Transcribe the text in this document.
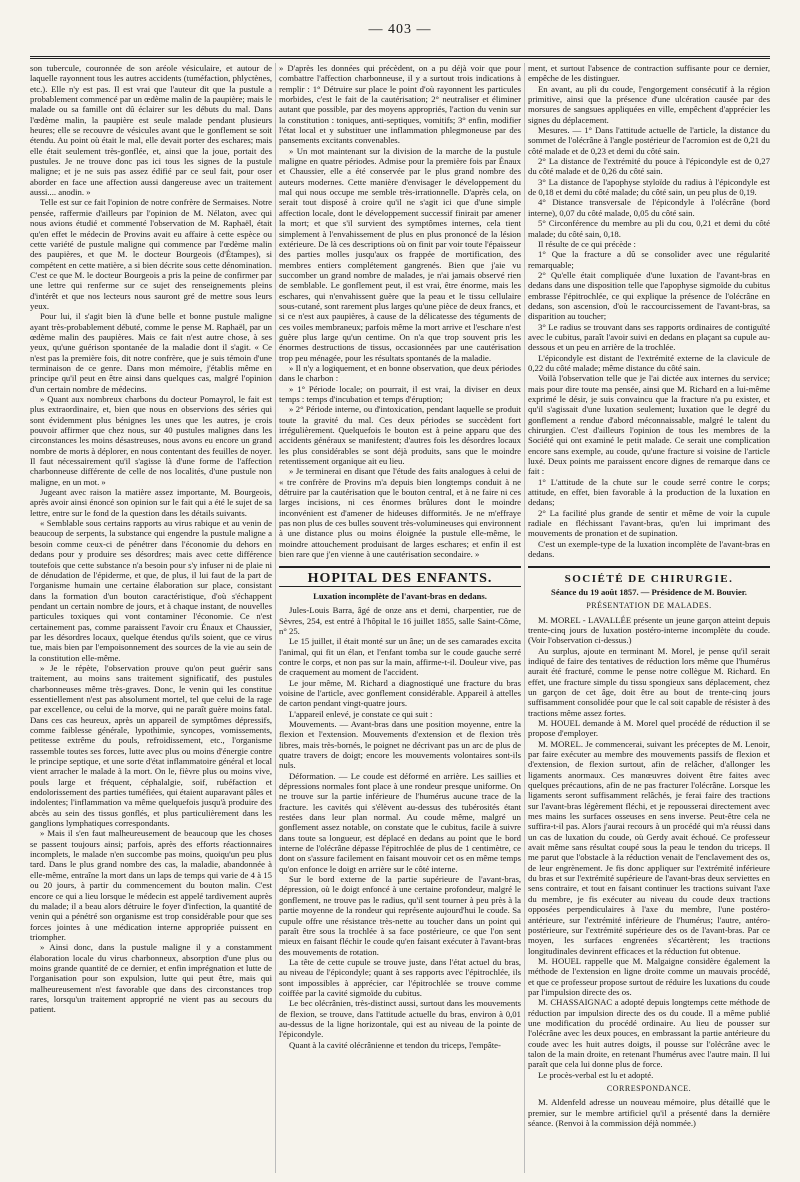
— 403 —

son tubercule, couronnée de son aréole vésiculaire, et autour de laquelle rayonnent tous les autres accidents (tuméfaction, phlyctènes, etc.). Elle n'y est pas. Il est vrai que l'auteur dit que la pustule a probablement commencé par un œdème malin de la paupière; mais le malade ou sa famille ont dû éclairer sur les débuts du mal. Dans l'œdème malin, la paupière est seule malade pendant plusieurs heures; elle se recouvre de vésicules avant que le gonflement se soit étendu. Au point où était le mal, elle devait porter des eschares; mais elle était seulement très-gonflée, et, ainsi que la joue, portait des pustules. Je ne trouve donc pas ici tous les signes de la pustule maligne; et je ne suis pas assez édifié par ce seul fait, pour oser aborder en face une affection aussi dangereuse avec un traitement aussi.... anodin. »

Telle est sur ce fait l'opinion de notre confrère de Sermaises. Notre pensée, raffermie d'ailleurs par l'opinion de M. Nélaton, avec qui nous avions étudié et commenté l'observation de M. Raphaël, était qu'en effet le médecin de Provins avait eu affaire à cette espèce ou cette variété de pustule maligne qui commence par l'œdème malin des paupières, et que M. le docteur Bourgeois (d'Étampes), si compétent en cette matière, a si bien décrite sous cette dénomination. C'est ce que M. le docteur Bourgeois a pris la peine de confirmer par une lettre qui renferme sur ce sujet des renseignements pleins d'intérêt et que nos lecteurs nous sauront gré de mettre sous leurs yeux.

Pour lui, il s'agit bien là d'une belle et bonne pustule maligne ayant très-probablement débuté, comme le pense M. Raphaël, par un œdème malin des paupières. Mais ce fait n'est autre chose, à ses yeux, qu'une guérison spontanée de la maladie dont il s'agit. « Ce n'est pas la première fois, dit notre confrère, que je suis témoin d'une terminaison de ce genre. Dans mon mémoire, j'établis même en principe qu'il peut en être ainsi dans quelques cas, malgré l'opinion d'un certain nombre de médecins.

» Quant aux nombreux charbons du docteur Pomayrol, le fait est plus extraordinaire, et, bien que nous en observions des séries qui sont évidemment plus bénignes les unes que les autres, je crois pouvoir affirmer que chez nous, sur 40 pustules malignes dans les circonstances les moins désastreuses, nous avons eu encore un grand nombre de morts à déplorer, en nous contentant des feuilles de noyer. Il faut nécessairement qu'il s'agisse là d'une forme de l'affection charbonneuse différente de celle de nos localités, d'une pustule non maligne, en un mot. »

Jugeant avec raison la matière assez importante, M. Bourgeois, après avoir ainsi énoncé son opinion sur le fait qui a été le sujet de sa lettre, entre sur le fond de la question dans les détails suivants.

« Semblable sous certains rapports au virus rabique et au venin de beaucoup de serpents, la substance qui engendre la pustule maligne a besoin comme ceux-ci de pénétrer dans l'économie du dehors en dedans pour y produire ses désordres; mais avec cette différence toutefois que cette substance n'a besoin pour s'y infuser ni de plaie ni de dénudation de l'épiderme, et que, de plus, il lui faut de la part de l'organisme humain une certaine élaboration sur place, consistant dans la formation d'un bouton caractéristique, d'où s'échappent pendant un certain nombre de jours, et à chaque instant, de nouvelles particules toxiques qui vont contaminer l'économie. Ce n'est certainement pas, comme paraissent l'avoir cru Énaux et Chaussier, par les désordres locaux, quelque étendus qu'ils soient, que ce virus tue, mais bien par l'empoisonnement des sources de la vie au sein de la constitution elle-même.

» Je le répète, l'observation prouve qu'on peut guérir sans traitement, au moins sans traitement significatif, des pustules charbonneuses même très-graves. Donc, le venin qui les constitue essentiellement n'est pas absolument mortel, tel que celui de la rage par excellence, ou celui de la morve, qui ne paraît guère moins fatal. Dans ces cas heureux, après un appareil de symptômes dépressifs, comme faiblesse générale, lypothimie, syncopes, vomissements, petitesse extrême du pouls, refroidissement, etc., l'organisme rassemble toutes ses forces, lutte avec plus ou moins d'énergie contre le principe septique, et une sorte d'état inflammatoire général et local vient arracher le malade à la mort. On le, fièvre plus ou moins vive, pouls large et fréquent, céphalalgie, soif, rubéfaction et endolorissement des parties tuméfiées, qui étaient auparavant pâles et indolentes; l'inflammation va même quelquefois jusqu'à produire des abcès au sein des tissus gonflés, et plus particulièrement dans les ganglions lymphatiques correspondants.

» Mais il s'en faut malheureusement de beaucoup que les choses se passent toujours ainsi; parfois, après des efforts réactionnaires incomplets, le malade n'en succombe pas moins, quoiqu'un peu plus tard. Dans le plus grand nombre des cas, la maladie, abandonnée à elle-même, entraîne la mort dans un laps de temps qui varie de 4 à 15 ou 20 jours, à partir du commencement du bouton malin. C'est encore ce qui a lieu lorsque le médecin est appelé tardivement auprès du malade; il a beau alors détruire le foyer d'infection, la quantité de venin qui a pénétré son organisme est trop considérable pour que ses forces jointes à une médication interne appropriée puissent en triompher.

» Ainsi donc, dans la pustule maligne il y a constamment élaboration locale du virus charbonneux, absorption d'une plus ou moins grande quantité de ce dernier, et enfin imprégnation et lutte de l'organisation pour son expulsion, lutte qui peut être, mais qui malheureusement n'est favorable que dans des circonstances trop rares, lorsqu'un traitement approprié ne vient pas au secours du patient.

» D'après les données qui précèdent, on a pu déjà voir que pour combattre l'affection charbonneuse, il y a surtout trois indications à remplir : 1° Détruire sur place le point d'où rayonnent les particules morbides, c'est le fait de la cautérisation; 2° neutraliser et éliminer autant que possible, par des moyens appropriés, l'action du venin sur la constitution : toniques, anti-septiques, vomitifs; 3° enfin, modifier l'état local et y substituer une inflammation phlegmoneuse par des pansements excitants convenables.

» Un mot maintenant sur la division de la marche de la pustule maligne en quatre périodes. Admise pour la première fois par Énaux et Chaussier, elle a été conservée par le plus grand nombre des auteurs modernes. Cette manière d'envisager le développement du mal qui nous occupe me semble très-irrationnelle. D'après cela, on serait tout disposé à croire qu'il ne s'agit ici que d'une simple affection locale, dont le développement successif finirait par amener la mort; et que s'il survient des symptômes internes, cela tient simplement à l'envahissement de plus en plus prononcé de la lésion extérieure. De là ces descriptions où on finit par voir toute l'épaisseur des parties molles jusqu'aux os frappée de mortification, des membres entiers complétement gangrenés. Bien que j'aie vu succomber un grand nombre de malades, je n'ai jamais observé rien de semblable. Le gonflement peut, il est vrai, être énorme, mais les eschares, qui n'envahissent guère que la peau et le tissu cellulaire sous-cutané, sont rarement plus larges qu'une pièce de deux francs, et si ce n'est aux paupières, à cause de la délicatesse des téguments de ces voiles membraneux; parfois même la mort arrive et l'eschare n'est guère plus large qu'un centime. On n'a que trop souvent pris les énormes destructions de tissus, occasionnées par une cautérisation trop peu ménagée, pour les résultats spontanés de la maladie.

» Il n'y a logiquement, et en bonne observation, que deux périodes dans le charbon :

» 1° Période locale; on pourrait, il est vrai, la diviser en deux temps : temps d'incubation et temps d'éruption;

» 2° Période interne, ou d'intoxication, pendant laquelle se produit toute la gravité du mal. Ces deux périodes se succèdent fort irrégulièrement. Quelquefois le bouton est à peine apparu que des accidents généraux se manifestent; d'autres fois les désordres locaux les plus considérables se sont déjà produits, sans que le moindre retentissement organique ait eu lieu.

» Je terminerai en disant que l'étude des faits analogues à celui de « tre confrère de Provins m'a depuis bien longtemps conduit à ne détruire par la cautérisation que le bouton central, et à ne faire ni ces larges incisions, ni ces énormes brûlures dont le moindre inconvénient est d'amener de hideuses difformités. Je ne m'effraye pas non plus de ces bulles souvent très-volumineuses qui environnent à une distance plus ou moins éloignée la pustule elle-même, le moindre attouchement produisant de larges eschares; et enfin il est bien rare que j'en vienne à une cautérisation secondaire. »

HOPITAL DES ENFANTS.
Luxation incomplète de l'avant-bras en dedans.

Jules-Louis Barra, âgé de onze ans et demi, charpentier, rue de Sèvres, 254, est entré à l'hôpital le 16 juillet 1855, salle Saint-Côme, n° 25.

Le 15 juillet, il était monté sur un âne; un de ses camarades excita l'animal, qui fit un élan, et l'enfant tomba sur le coude gauche serré contre le corps, et non pas sur la main, affirme-t-il. Douleur vive, pas de craquement au moment de l'accident.

Le jour même, M. Richard a diagnostiqué une fracture du bras voisine de l'article, avec gonflement considérable. Appareil à attelles de carton pendant vingt-quatre jours.

L'appareil enlevé, je constate ce qui suit :

Mouvements. — Avant-bras dans une position moyenne, entre la flexion et l'extension. Mouvements d'extension et de flexion très libres, mais très-bornés, le poignet ne décrivant pas un arc de plus de quatre travers de doigt; encore les mouvements volontaires sont-ils nuls.

Déformation. — Le coude est déformé en arrière. Les saillies et dépressions normales font place à une rondeur presque uniforme. On ne trouve sur la partie inférieure de l'humérus aucune trace de la fracture. les cavités qui s'élèvent au-dessus des tubérosités étant restées dans leur plan normal. Au coude même, malgré un gonflement assez notable, on constate que le cubitus, facile à suivre dans toute sa longueur, est déplacé en dedans au point que le bord interne de l'olécrâne dépasse l'épitrochlée de plus de 1 centimètre, ce dont on s'assure facilement en faisant mouvoir cet os en même temps qu'on enfonce le doigt en arrière sur le côté interne.

Sur le bord externe de la partie supérieure de l'avant-bras, dépression, où le doigt enfoncé à une certaine profondeur, malgré le gonflement, ne trouve pas le radius, qu'il sent tourner à peu près à la partie moyenne de la rondeur qui représente aujourd'hui le coude. Sa cupule offre une résistance très-nette au toucher dans un point qui paraît être sous la trochlée à sa face postérieure, ce que l'on sent mieux en faisant fléchir le coude qu'en faisant exécuter à l'avant-bras des mouvements de rotation.

La tête de cette cupule se trouve juste, dans l'état actuel du bras, au niveau de l'épicondyle; quant à ses rapports avec l'épitrochlée, ils sont impossibles à apprécier, car l'épitrochlée se trouve comme coiffée par la cavité sigmoïde du cubitus.

Le bec olécrânien, très-distinct aussi, surtout dans les mouvements de flexion, se trouve, dans l'attitude actuelle du bras, environ à 0,01 au-dessus de la ligne horizontale, qui est au niveau de la pointe de l'épicondyle.

Quant à la cavité olécrânienne et tendon du triceps, l'empâte-

ment, et surtout l'absence de contraction suffisante pour ce dernier, empêche de les distinguer.

En avant, au pli du coude, l'engorgement consécutif à la région primitive, ainsi que la présence d'une ulcération causée par des morsures de sangsues appliquées en ville, empêchent d'apprécier les signes du déplacement.

Mesures. — 1° Dans l'attitude actuelle de l'article, la distance du sommet de l'olécrâne à l'angle postérieur de l'acromion est de 0,21 du côté malade et de 0,23 et demi du côté sain.

2° La distance de l'extrémité du pouce à l'épicondyle est de 0,27 du côté malade et de 0,26 du côté sain.

3° La distance de l'apophyse styloïde du radius à l'épicondyle est de 0,18 et demi du côté malade; du côté sain, un peu plus de 0,19.

4° Distance transversale de l'épicondyle à l'olécrâne (bord interne), 0,07 du côté malade, 0,05 du côté sain.

5° Circonférence du membre au pli du cou, 0,21 et demi du côté malade; du côté sain, 0,18.

Il résulte de ce qui précède :

1° Que la fracture a dû se consolider avec une régularité remarquable;

2° Qu'elle était compliquée d'une luxation de l'avant-bras en dedans dans une disposition telle que l'apophyse sigmoïde du cubitus embrasse l'épitrochlée, ce qui explique la présence de l'olécrâne en dedans, son ascension, d'où le raccourcissement de l'avant-bras, sa disparition au toucher;

3° Le radius se trouvant dans ses rapports ordinaires de contiguïté avec le cubitus, paraît l'avoir suivi en dedans en plaçant sa cupule au-dessous et un peu en arrière de la trochlée.

L'épicondyle est distant de l'extrémité externe de la clavicule de 0,22 du côté malade; même distance du côté sain.

Voilà l'observation telle que je l'ai dictée aux internes du service; mais pour dire toute ma pensée, ainsi que M. Richard en a lui-même exprimé le désir, je suis convaincu que la fracture n'a pu exister, et qu'il s'agissait d'une luxation seulement; luxation que le degré du gonflement a rendue d'abord méconnaissable, malgré le talent du chirurgien. C'est d'ailleurs l'opinion de tous les membres de la Société qui ont examiné le petit malade. Ce serait une complication encore sans exemple, au coude, qu'une fracture si voisine de l'article luxé. Deux points me paraissent encore dignes de remarque dans ce fait :

1° L'attitude de la chute sur le coude serré contre le corps; attitude, en effet, bien favorable à la production de la luxation en dedans;

2° La facilité plus grande de sentir et même de voir la cupule radiale en fléchissant l'avant-bras, qu'en lui imprimant des mouvements de pronation et de supination.

C'est un exemple-type de la luxation incomplète de l'avant-bras en dedans.

SOCIÉTÉ DE CHIRURGIE.
Séance du 19 août 1857. — Présidence de M. Bouvier.
PRÉSENTATION DE MALADES.

M. MOREL - LAVALLÉE présente un jeune garçon atteint depuis trente-cinq jours de luxation postéro-interne incomplète du coude. (Voir l'observation ci-dessus.)

Au surplus, ajoute en terminant M. Morel, je pense qu'il serait indiqué de faire des tentatives de réduction lors même que l'humérus aurait été fracturé, comme le pense notre collègue M. Richard. En effet, une fracture simple du tissu spongieux sans déplacement, chez un garçon de cet âge, doit être au bout de trente-cinq jours suffisamment consolidée pour que le cal soit capable de résister à des tractions même assez fortes.

M. HOUEL demande à M. Morel quel procédé de réduction il se propose d'employer.

M. MOREL. Je commencerai, suivant les préceptes de M. Lenoir, par faire exécuter au membre des mouvements passifs de flexion et d'extension, de flexion surtout, afin de relâcher, d'allonger les ligaments anormaux. Ces manœuvres doivent être faites avec quelques précautions, afin de ne pas fracturer l'olécrâne. Lorsque les ligaments seront suffisamment relâchés, je ferai faire des tractions sur l'avant-bras légèrement fléchi, et je repousserai directement avec mes mains les surfaces osseuses en sens inverse. Peut-être cela ne suffira-t-il pas. Alors j'aurai recours à un procédé qui m'a réussi dans un cas de luxation du coude, où Gerdy avait échoué. Ce professeur avait même sans résultat coupé sous la peau le tendon du triceps. Il me parut que l'obstacle à la réduction venait de l'enclavement des os, de leur engrènement. Je fis donc appliquer sur l'extrémité inférieure du bras et sur l'extrémité supérieure de l'avant-bras deux serviettes en sens contraire, et tout en faisant continuer les tractions suivant l'axe du membre, je fis exécuter au niveau du coude deux tractions opposées perpendiculaires à l'axe du membre, l'une postéro-antérieure, sur l'extrémité inférieure de l'humérus; l'autre, antéro-postérieure, sur l'extrémité supérieure des os de l'avant-bras. Par ce moyen, les surfaces engrenées s'écartèrent; les tractions longitudinales devinrent efficaces et la réduction fut obtenue.

M. HOUEL rappelle que M. Malgaigne considère également la méthode de l'extension en ligne droite comme un mauvais procédé, et que ce professeur propose surtout de réduire les luxations du coude par l'impulsion directe des os.

M. CHASSAIGNAC a adopté depuis longtemps cette méthode de réduction par impulsion directe des os du coude. Il a même publié une modification du procédé ordinaire. Au lieu de pousser sur l'olécrâne avec les deux pouces, en embrassant la partie antérieure du coude avec les huit autres doigts, il pousse sur l'olécrâne avec le talon de la main droite, en retenant l'humérus avec l'autre main. Il lui paraît que cela lui donne plus de force.

Le procès-verbal est lu et adopté.

CORRESPONDANCE.

M. Aldenfeld adresse un nouveau mémoire, plus détaillé que le premier, sur le membre artificiel qu'il a présenté dans la dernière séance. (Renvoi à la commission déjà nommée.)
